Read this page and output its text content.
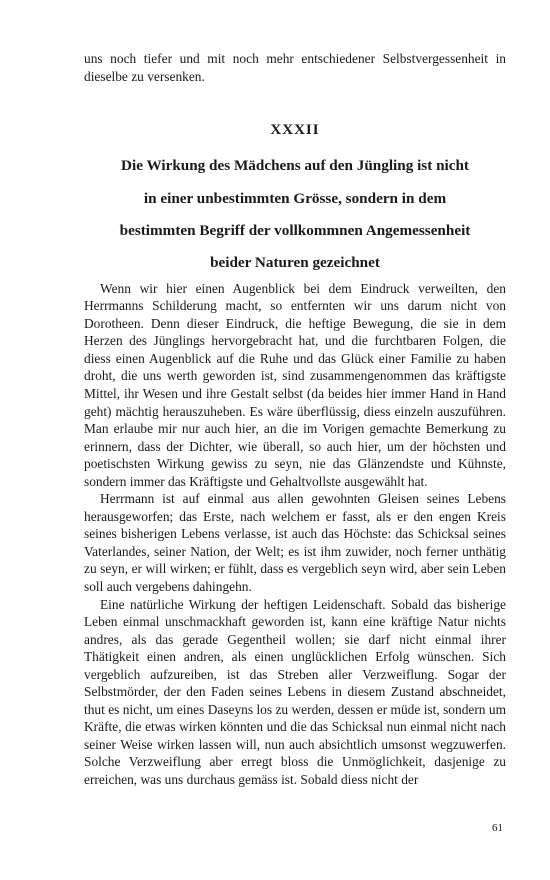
uns noch tiefer und mit noch mehr entschiedener Selbstvergessenheit in dieselbe zu versenken.

XXXII
Die Wirkung des Mädchens auf den Jüngling ist nicht
in einer unbestimmten Grösse, sondern in dem
bestimmten Begriff der vollkommnen Angemessenheit
beider Naturen gezeichnet

Wenn wir hier einen Augenblick bei dem Eindruck verweilten, den Herrmanns Schilderung macht, so entfernten wir uns darum nicht von Dorotheen. Denn dieser Eindruck, die heftige Bewegung, die sie in dem Herzen des Jünglings hervorgebracht hat, und die furchtbaren Folgen, die diess einen Augenblick auf die Ruhe und das Glück einer Familie zu haben droht, die uns werth geworden ist, sind zusammengenommen das kräftigste Mittel, ihr Wesen und ihre Gestalt selbst (da beides hier immer Hand in Hand geht) mächtig herauszuheben. Es wäre überflüssig, diess einzeln auszuführen. Man erlaube mir nur auch hier, an die im Vorigen gemachte Bemerkung zu erinnern, dass der Dichter, wie überall, so auch hier, um der höchsten und poetischsten Wirkung gewiss zu seyn, nie das Glänzendste und Kühnste, sondern immer das Kräftigste und Gehaltvollste ausgewählt hat.

Herrmann ist auf einmal aus allen gewohnten Gleisen seines Lebens herausgeworfen; das Erste, nach welchem er fasst, als er den engen Kreis seines bisherigen Lebens verlasse, ist auch das Höchste: das Schicksal seines Vaterlandes, seiner Nation, der Welt; es ist ihm zuwider, noch ferner unthätig zu seyn, er will wirken; er fühlt, dass es vergeblich seyn wird, aber sein Leben soll auch vergebens dahingehn.

Eine natürliche Wirkung der heftigen Leidenschaft. Sobald das bisherige Leben einmal unschmackhaft geworden ist, kann eine kräftige Natur nichts andres, als das gerade Gegentheil wollen; sie darf nicht einmal ihrer Thätigkeit einen andren, als einen unglücklichen Erfolg wünschen. Sich vergeblich aufzureiben, ist das Streben aller Verzweiflung. Sogar der Selbstmörder, der den Faden seines Lebens in diesem Zustand abschneidet, thut es nicht, um eines Daseyns los zu werden, dessen er müde ist, sondern um Kräfte, die etwas wirken könnten und die das Schicksal nun einmal nicht nach seiner Weise wirken lassen will, nun auch absichtlich umsonst wegzuwerfen. Solche Verzweiflung aber erregt bloss die Unmöglichkeit, dasjenige zu erreichen, was uns durchaus gemäss ist. Sobald diess nicht der

61
